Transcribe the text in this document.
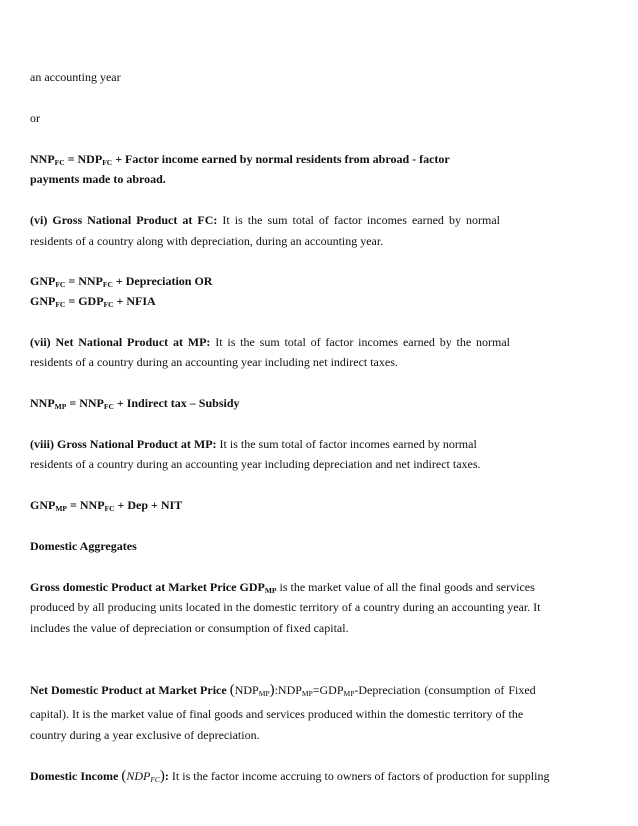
an accounting year
or
$NNP_{FC} = NDP_{FC}$ + Factor income earned by normal residents from abroad - factor
payments made to abroad.
(vi) Gross National Product at FC: It is the sum total of factor incomes earned by normal
residents of a country along with depreciation, during an accounting year.
$GNP_{FC} = NNP_{FC}$ + Depreciation OR
$GNP_{FC} = GDP_{FC}$ + NFIA
(vii) Net National Product at MP: It is the sum total of factor incomes earned by the normal
residents of a country during an accounting year including net indirect taxes.
$NNP_{MP} = NNP_{FC}$ + Indirect tax – Subsidy
(viii) Gross National Product at MP: It is the sum total of factor incomes earned by normal
residents of a country during an accounting year including depreciation and net indirect taxes.
$GNP_{MP} = NNP_{FC}$ + Dep + NIT
Domestic Aggregates
Gross domestic Product at Market Price $GDP_{MP}$ is the market value of all the final goods and services
produced by all producing units located in the domestic territory of a country during an accounting year. It
includes the value of depreciation or consumption of fixed capital.
Net Domestic Product at Market Price $(NDP_{MP}):NDP_{MP}=GDP_{MP}$-Depreciation (consumption of Fixed
capital). It is the market value of final goods and services produced within the domestic territory of the
country during a year exclusive of depreciation.
Domestic Income $(NDP_{FC})$: It is the factor income accruing to owners of factors of production for suppling
